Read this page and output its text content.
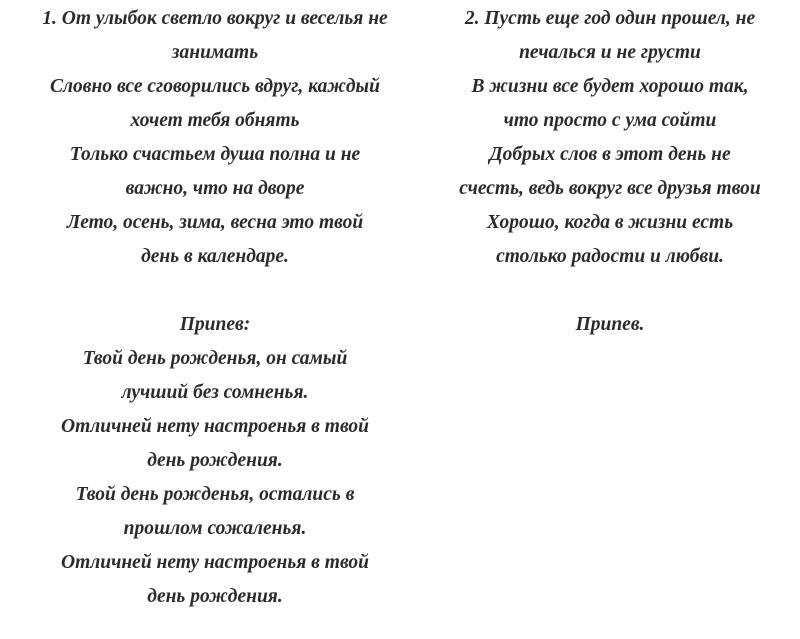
1. От улыбок светло вокруг и веселья не
занимать
Словно все сговорились вдруг, каждый
хочет тебя обнять
Только счастьем душа полна и не
важно, что на дворе
Лето, осень, зима, весна это твой
день в календаре.
Припев:
Твой день рожденья, он самый
лучший без сомненья.
Отличней нету настроенья в твой
день рождения.
Твой день рожденья, остались в
прошлом сожаленья.
Отличней нету настроенья в твой
день рождения.
2. Пусть еще год один прошел, не
печалься и не грусти
В жизни все будет хорошо так,
что просто с ума сойти
Добрых слов в этот день не
счесть, ведь вокруг все друзья твои
Хорошо, когда в жизни есть
столько радости и любви.
Припев.
